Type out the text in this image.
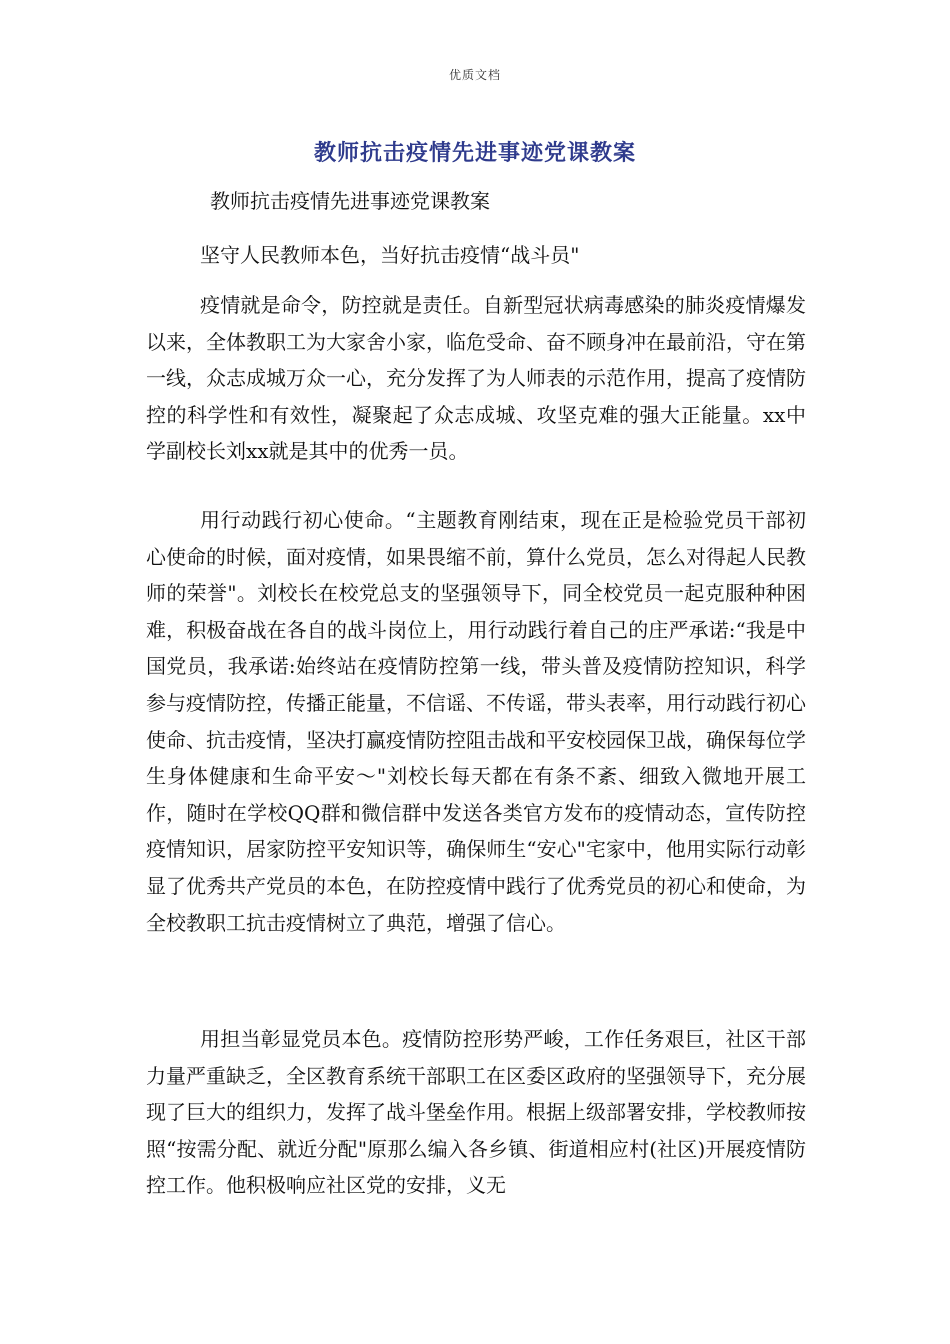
优质文档
教师抗击疫情先进事迹党课教案
教师抗击疫情先进事迹党课教案
坚守人民教师本色，当好抗击疫情“战斗员"

疫情就是命令，防控就是责任。自新型冠状病毒感染的肺炎疫情爆发以来，全体教职工为大家舍小家，临危受命、奋不顾身冲在最前沿，守在第一线，众志成城万众一心，充分发挥了为人师表的示范作用，提高了疫情防控的科学性和有效性，凝聚起了众志成城、攻坚克难的强大正能量。xx中学副校长刘xx就是其中的优秀一员。

用行动践行初心使命。“主题教育刚结束，现在正是检验党员干部初心使命的时候，面对疫情，如果畏缩不前，算什么党员，怎么对得起人民教师的荣誉"。刘校长在校党总支的坚强领导下，同全校党员一起克服种种困难，积极奋战在各自的战斗岗位上，用行动践行着自己的庄严承诺:“我是中国党员，我承诺:始终站在疫情防控第一线，带头普及疫情防控知识，科学参与疫情防控，传播正能量，不信谣、不传谣，带头表率，用行动践行初心使命、抗击疫情，坚决打赢疫情防控阻击战和平安校园保卫战，确保每位学生身体健康和生命平安～"刘校长每天都在有条不紊、细致入微地开展工作，随时在学校QQ群和微信群中发送各类官方发布的疫情动态，宣传防控疫情知识，居家防控平安知识等，确保师生“安心"宅家中，他用实际行动彰显了优秀共产党员的本色，在防控疫情中践行了优秀党员的初心和使命，为全校教职工抗击疫情树立了典范，增强了信心。

用担当彰显党员本色。疫情防控形势严峻，工作任务艰巨，社区干部力量严重缺乏，全区教育系统干部职工在区委区政府的坚强领导下，充分展现了巨大的组织力，发挥了战斗堡垒作用。根据上级部署安排，学校教师按照“按需分配、就近分配"原那么编入各乡镇、街道相应村(社区)开展疫情防控工作。他积极响应社区党的安排，义无
